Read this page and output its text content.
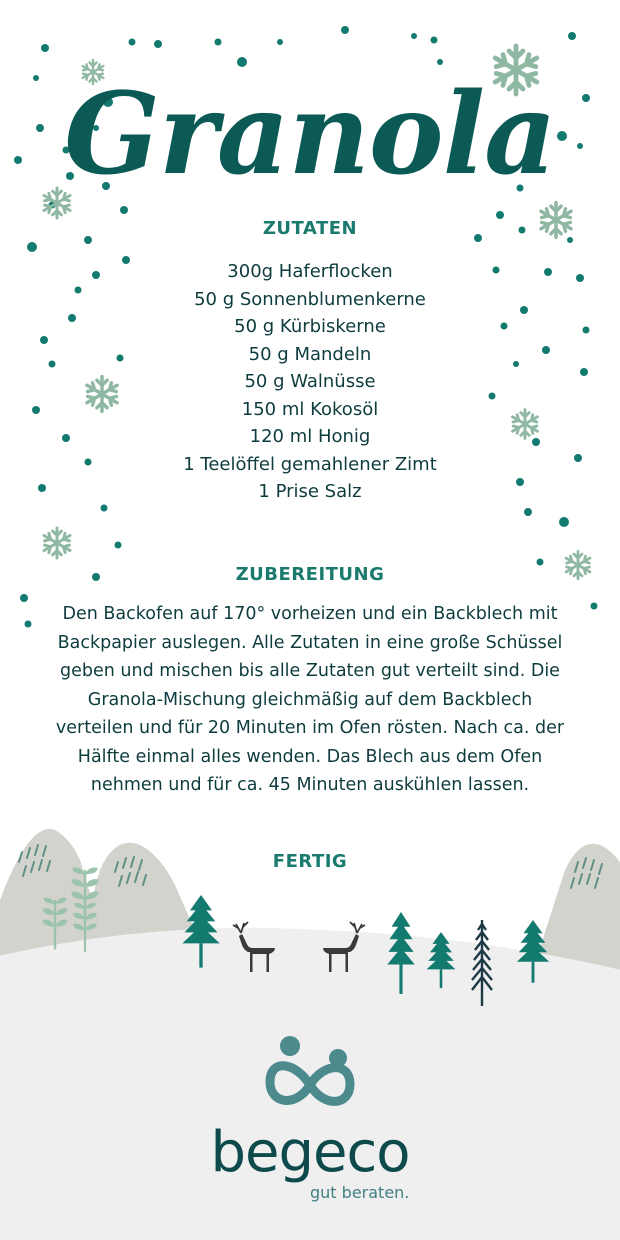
Granola
ZUTATEN
300g Haferflocken
50 g Sonnenblumenkerne
50 g Kürbiskerne
50 g Mandeln
50 g Walnüsse
150 ml Kokosöl
120 ml Honig
1 Teelöffel gemahlener Zimt
1 Prise Salz
ZUBEREITUNG

Den Backofen auf 170° vorheizen und ein Backblech mit Backpapier auslegen. Alle Zutaten in eine große Schüssel geben und mischen bis alle Zutaten gut verteilt sind. Die Granola-Mischung gleichmäßig auf dem Backblech verteilen und für 20 Minuten im Ofen rösten. Nach ca. der Hälfte einmal alles wenden. Das Blech aus dem Ofen nehmen und für ca. 45 Minuten auskühlen lassen.

FERTIG
begeco
gut beraten.
